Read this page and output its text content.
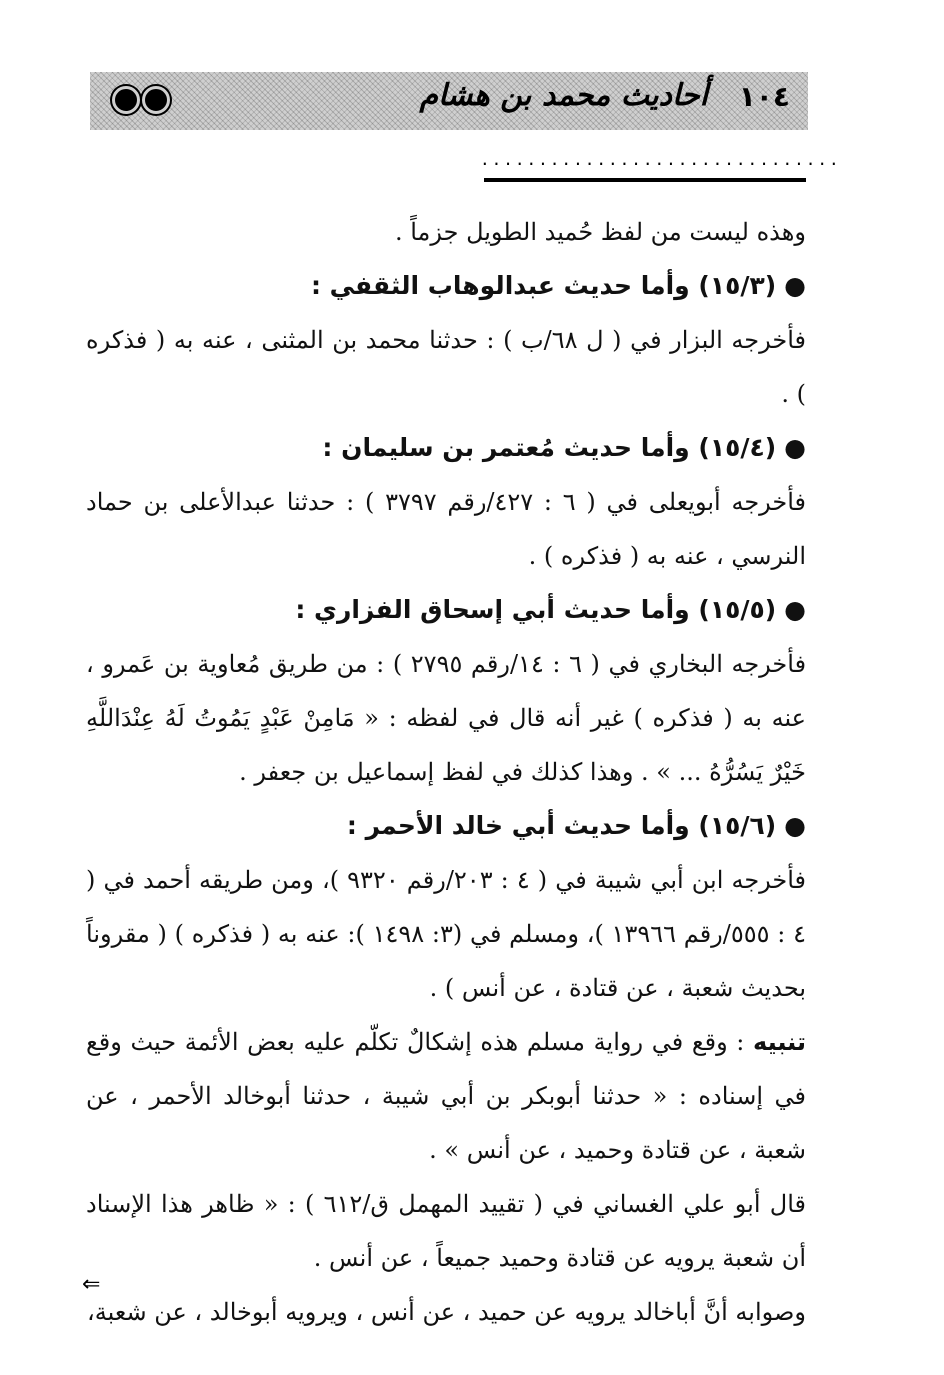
١٠٤
أحاديث محمد بن هشام
...............................

وهذه ليست من لفظ حُميد الطويل جزماً .

●(١٥/٣) وأما حديث عبدالوهاب الثقفي :

فأخرجه البزار في ( ل ٦٨/ب ) : حدثنا محمد بن المثنى ، عنه به ( فذكره ) .

●(١٥/٤) وأما حديث مُعتمر بن سليمان :

فأخرجه أبويعلى في ( ٦ : ٤٢٧/رقم ٣٧٩٧ ) : حدثنا عبدالأعلى بن حماد النرسي ، عنه به ( فذكره ) .

●(١٥/٥) وأما حديث أبي إسحاق الفزاري :

فأخرجه البخاري في ( ٦ : ١٤/رقم ٢٧٩٥ ) : من طريق مُعاوية بن عَمرو ، عنه به ( فذكره ) غير أنه قال في لفظه : « مَامِنْ عَبْدٍ يَمُوتُ لَهُ عِنْدَاللَّهِ خَيْرٌ يَسُرُّهُ ... » . وهذا كذلك في لفظ إسماعيل بن جعفر .

●(١٥/٦) وأما حديث أبي خالد الأحمر :

فأخرجه ابن أبي شيبة في ( ٤ : ٢٠٣/رقم ٩٣٢٠ )، ومن طريقه أحمد في ( ٤ : ٥٥٥/رقم ١٣٩٦٦ )، ومسلم في (٣: ١٤٩٨ ): عنه به ( فذكره ) ( مقروناً بحديث شعبة ، عن قتادة ، عن أنس ) .

تنبيه : وقع في رواية مسلم هذه إشكالٌ تكلّم عليه بعض الأئمة حيث وقع في إسناده : « حدثنا أبوبكر بن أبي شيبة ، حدثنا أبوخالد الأحمر ، عن شعبة ، عن قتادة وحميد ، عن أنس » .

قال أبو علي الغساني في ( تقييد المهمل ق/٦١٢ ) : « ظاهر هذا الإسناد أن شعبة يرويه عن قتادة وحميد جميعاً ، عن أنس .

وصوابه أنَّ أباخالد يرويه عن حميد ، عن أنس ، ويرويه أبوخالد ، عن شعبة،

⇐
